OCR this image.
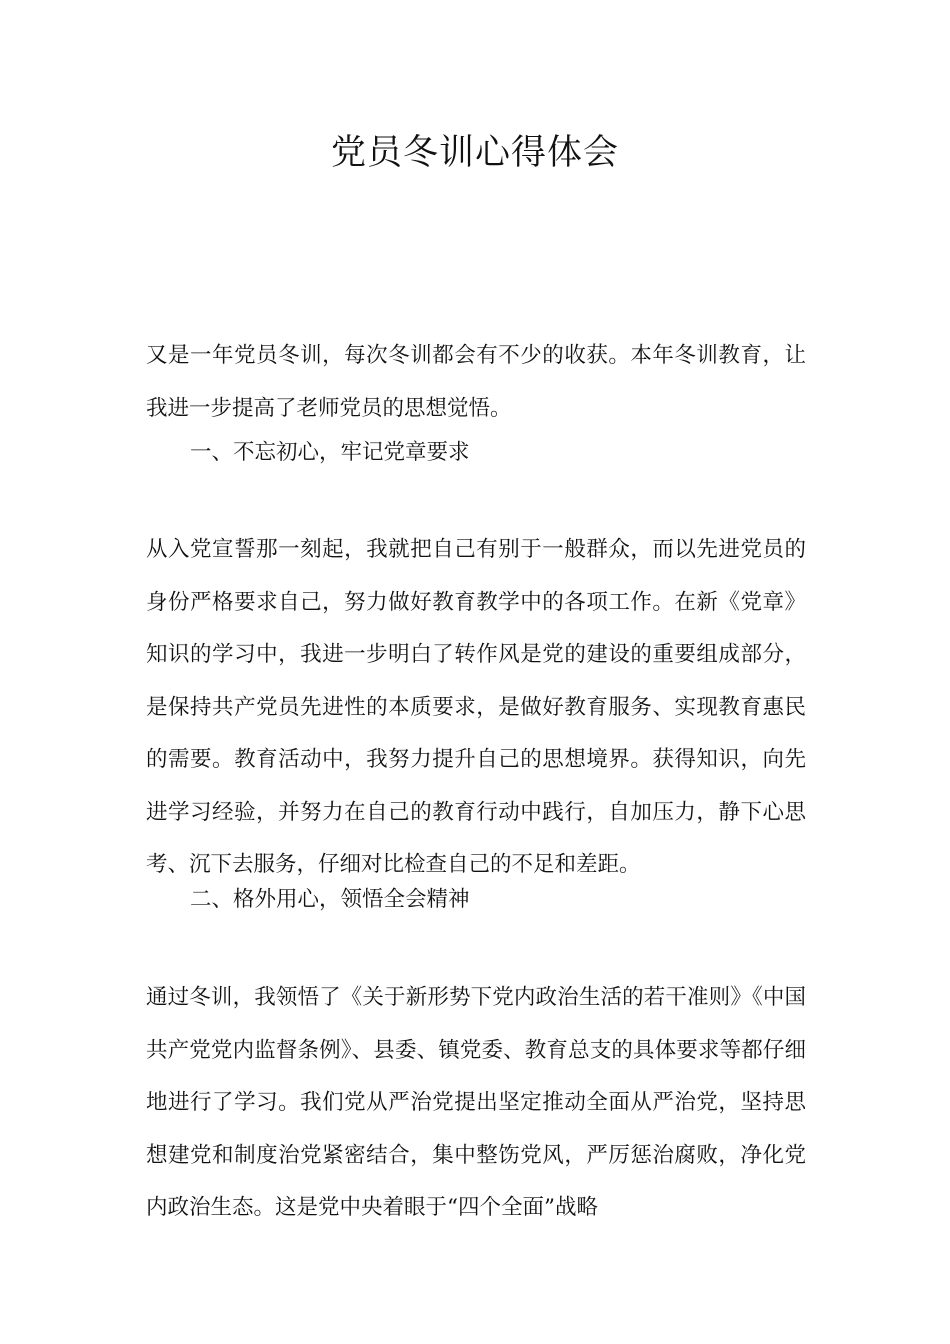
党员冬训心得体会

又是一年党员冬训，每次冬训都会有不少的收获。本年冬训教育，让我进一步提高了老师党员的思想觉悟。

一、不忘初心，牢记党章要求

从入党宣誓那一刻起，我就把自己有别于一般群众，而以先进党员的身份严格要求自己，努力做好教育教学中的各项工作。在新《党章》知识的学习中，我进一步明白了转作风是党的建设的重要组成部分，是保持共产党员先进性的本质要求，是做好教育服务、实现教育惠民的需要。教育活动中，我努力提升自己的思想境界。获得知识，向先进学习经验，并努力在自己的教育行动中践行，自加压力，静下心思考、沉下去服务，仔细对比检查自己的不足和差距。

二、格外用心，领悟全会精神

通过冬训，我领悟了《关于新形势下党内政治生活的若干准则》《中国共产党党内监督条例》、县委、镇党委、教育总支的具体要求等都仔细地进行了学习。我们党从严治党提出坚定推动全面从严治党，坚持思想建党和制度治党紧密结合，集中整饬党风，严厉惩治腐败，净化党内政治生态。这是党中央着眼于“四个全面”战略
